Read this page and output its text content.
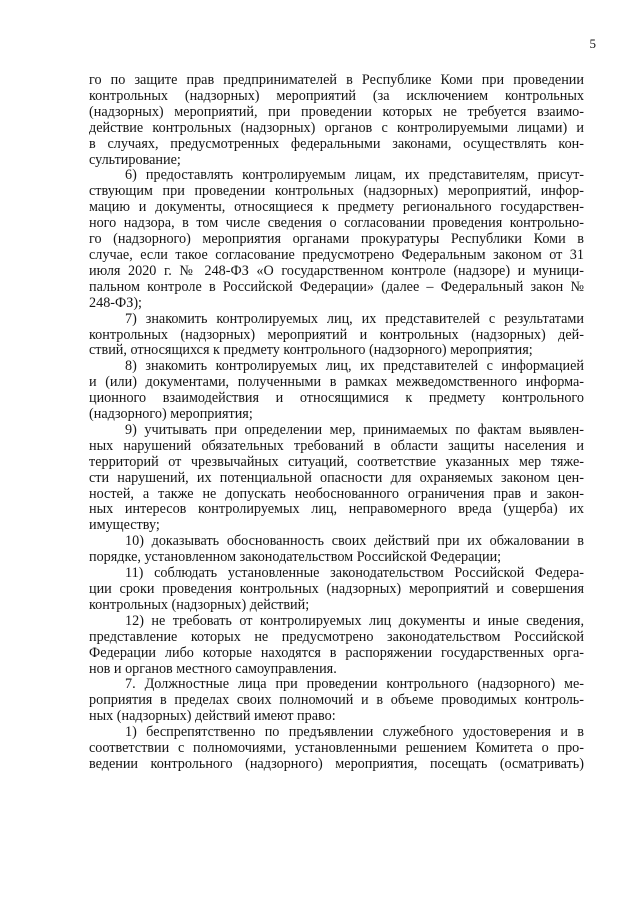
5
го по защите прав предпринимателей в Республике Коми при проведении
контрольных (надзорных) мероприятий (за исключением контрольных
(надзорных) мероприятий, при проведении которых не требуется взаимо-
действие контрольных (надзорных) органов с контролируемыми лицами) и
в случаях, предусмотренных федеральными законами, осуществлять кон-
сультирование;
6) предоставлять контролируемым лицам, их представителям, присут-
ствующим при проведении контрольных (надзорных) мероприятий, инфор-
мацию и документы, относящиеся к предмету регионального государствен-
ного надзора, в том числе сведения о согласовании проведения контрольно-
го (надзорного) мероприятия органами прокуратуры Республики Коми в
случае, если такое согласование предусмотрено Федеральным законом от 31
июля 2020 г. № 248-ФЗ «О государственном контроле (надзоре) и муници-
пальном контроле в Российской Федерации» (далее – Федеральный закон №
248-ФЗ);
7) знакомить контролируемых лиц, их представителей с результатами
контрольных (надзорных) мероприятий и контрольных (надзорных) дей-
ствий, относящихся к предмету контрольного (надзорного) мероприятия;
8) знакомить контролируемых лиц, их представителей с информацией
и (или) документами, полученными в рамках межведомственного информа-
ционного взаимодействия и относящимися к предмету контрольного
(надзорного) мероприятия;
9) учитывать при определении мер, принимаемых по фактам выявлен-
ных нарушений обязательных требований в области защиты населения и
территорий от чрезвычайных ситуаций, соответствие указанных мер тяже-
сти нарушений, их потенциальной опасности для охраняемых законом цен-
ностей, а также не допускать необоснованного ограничения прав и закон-
ных интересов контролируемых лиц, неправомерного вреда (ущерба) их
имуществу;
10) доказывать обоснованность своих действий при их обжаловании в
порядке, установленном законодательством Российской Федерации;
11) соблюдать установленные законодательством Российской Федера-
ции сроки проведения контрольных (надзорных) мероприятий и совершения
контрольных (надзорных) действий;
12) не требовать от контролируемых лиц документы и иные сведения,
представление которых не предусмотрено законодательством Российской
Федерации либо которые находятся в распоряжении государственных орга-
нов и органов местного самоуправления.
7. Должностные лица при проведении контрольного (надзорного) ме-
роприятия в пределах своих полномочий и в объеме проводимых контроль-
ных (надзорных) действий имеют право:
1) беспрепятственно по предъявлении служебного удостоверения и в
соответствии с полномочиями, установленными решением Комитета о про-
ведении контрольного (надзорного) мероприятия, посещать (осматривать)
